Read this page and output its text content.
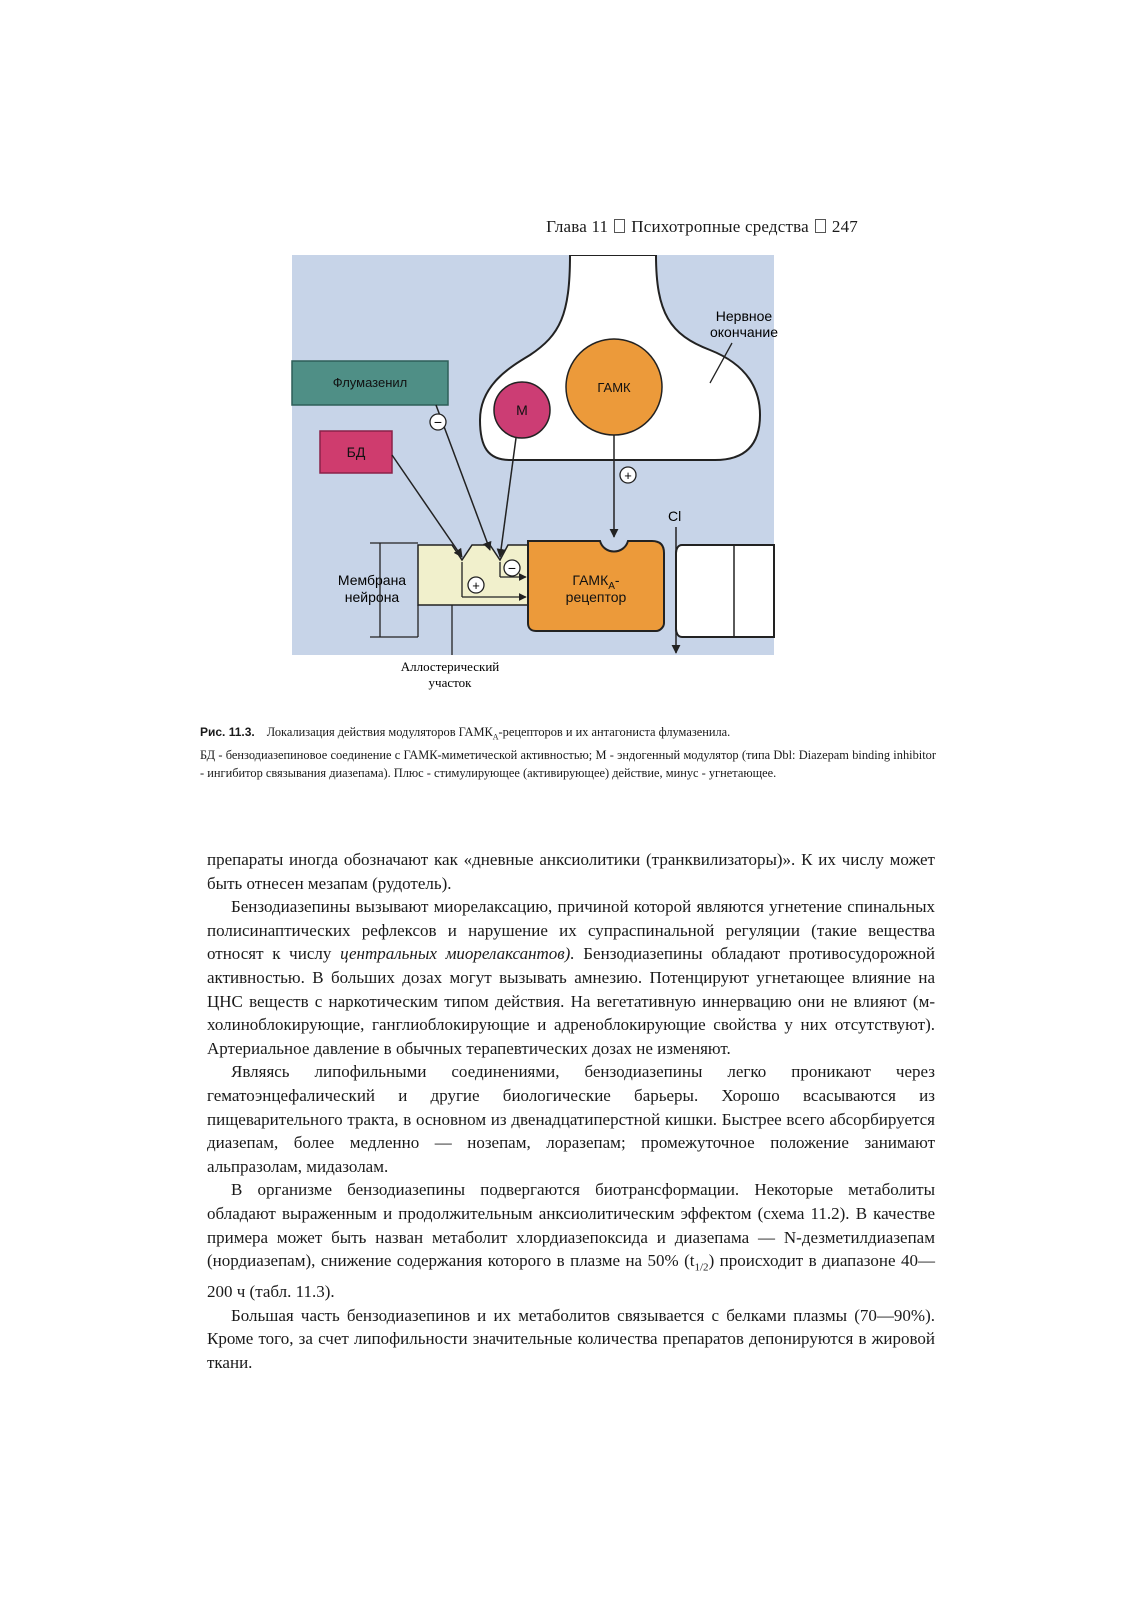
Глава 11 Психотропные средства 247
Нервное
окончание
Флумазенил
БД
М
ГАМК
+
Cl
$ГАМК_А-$
рецептор
Мембрана
нейрона
−
+
−
Аллостерический
участок

Рис. 11.3. Локализация действия модуляторов $ГАМК_А$-рецепторов и их антагониста флумазенила.

БД - бензодиазепиновое соединение с ГАМК-миметической активностью; М - эндогенный модулятор (типа Dbl: Diazepam binding inhibitor - ингибитор связывания диазепама). Плюс - стимулирующее (активирующее) действие, минус - угнетающее.

препараты иногда обозначают как «дневные анксиолитики (транквилизаторы)». К их числу может быть отнесен мезапам (рудотель).

Бензодиазепины вызывают миорелаксацию, причиной которой являются угнетение спинальных полисинаптических рефлексов и нарушение их супраспинальной регуляции (такие вещества относят к числу центральных миорелаксантов). Бензодиазепины обладают противосудорожной активностью. В больших дозах могут вызывать амнезию. Потенцируют угнетающее влияние на ЦНС веществ с наркотическим типом действия. На вегетативную иннервацию они не влияют (м-холиноблокирующие, ганглиоблокирующие и адреноблокирующие свойства у них отсутствуют). Артериальное давление в обычных терапевтических дозах не изменяют.

Являясь липофильными соединениями, бензодиазепины легко проникают через гематоэнцефалический и другие биологические барьеры. Хорошо всасываются из пищеварительного тракта, в основном из двенадцатиперстной кишки. Быстрее всего абсорбируется диазепам, более медленно — нозепам, лоразепам; промежуточное положение занимают альпразолам, мидазолам.

В организме бензодиазепины подвергаются биотрансформации. Некоторые метаболиты обладают выраженным и продолжительным анксиолитическим эффектом (схема 11.2). В качестве примера может быть назван метаболит хлордиазепоксида и диазепама — N-дезметилдиазепам (нордиазепам), снижение содержания которого в плазме на 50% $(t_{1/2})$ происходит в диапазоне 40—200 ч (табл. 11.3).

Большая часть бензодиазепинов и их метаболитов связывается с белками плазмы (70—90%). Кроме того, за счет липофильности значительные количества препаратов депонируются в жировой ткани.
